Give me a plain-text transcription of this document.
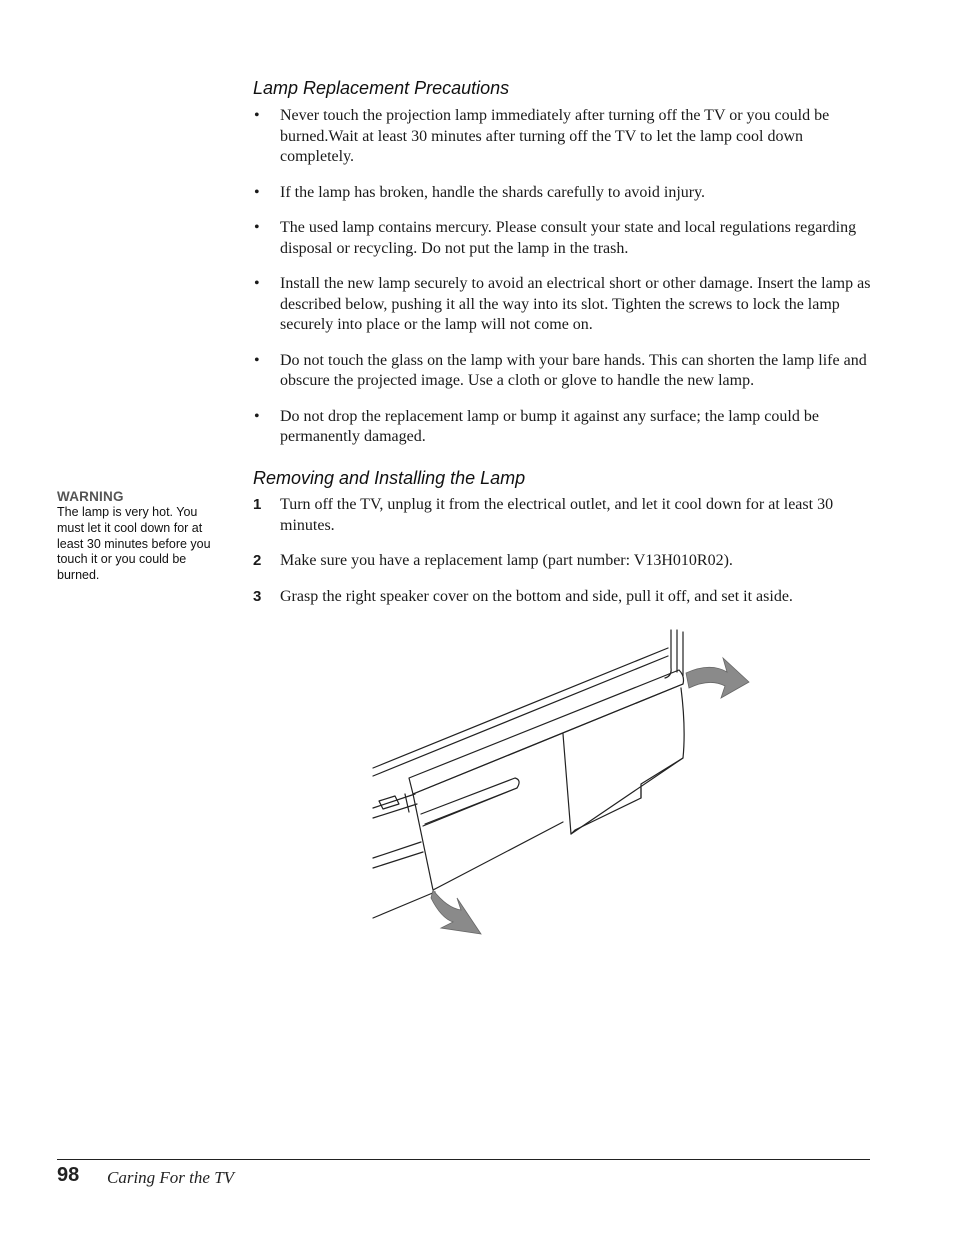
Lamp Replacement Precautions
• Never touch the projection lamp immediately after turning off the TV or you could be burned.Wait at least 30 minutes after turning off the TV to let the lamp cool down completely.
• If the lamp has broken, handle the shards carefully to avoid injury.
• The used lamp contains mercury. Please consult your state and local regulations regarding disposal or recycling. Do not put the lamp in the trash.
• Install the new lamp securely to avoid an electrical short or other damage. Insert the lamp as described below, pushing it all the way into its slot. Tighten the screws to lock the lamp securely into place or the lamp will not come on.
• Do not touch the glass on the lamp with your bare hands. This can shorten the lamp life and obscure the projected image. Use a cloth or glove to handle the new lamp.
• Do not drop the replacement lamp or bump it against any surface; the lamp could be permanently damaged.
WARNING
The lamp is very hot. You must let it cool down for at least 30 minutes before you touch it or you could be burned.
Removing and Installing the Lamp
1 Turn off the TV, unplug it from the electrical outlet, and let it cool down for at least 30 minutes.
2 Make sure you have a replacement lamp (part number: V13H010R02).
3 Grasp the right speaker cover on the bottom and side, pull it off, and set it aside.
98 Caring For the TV
